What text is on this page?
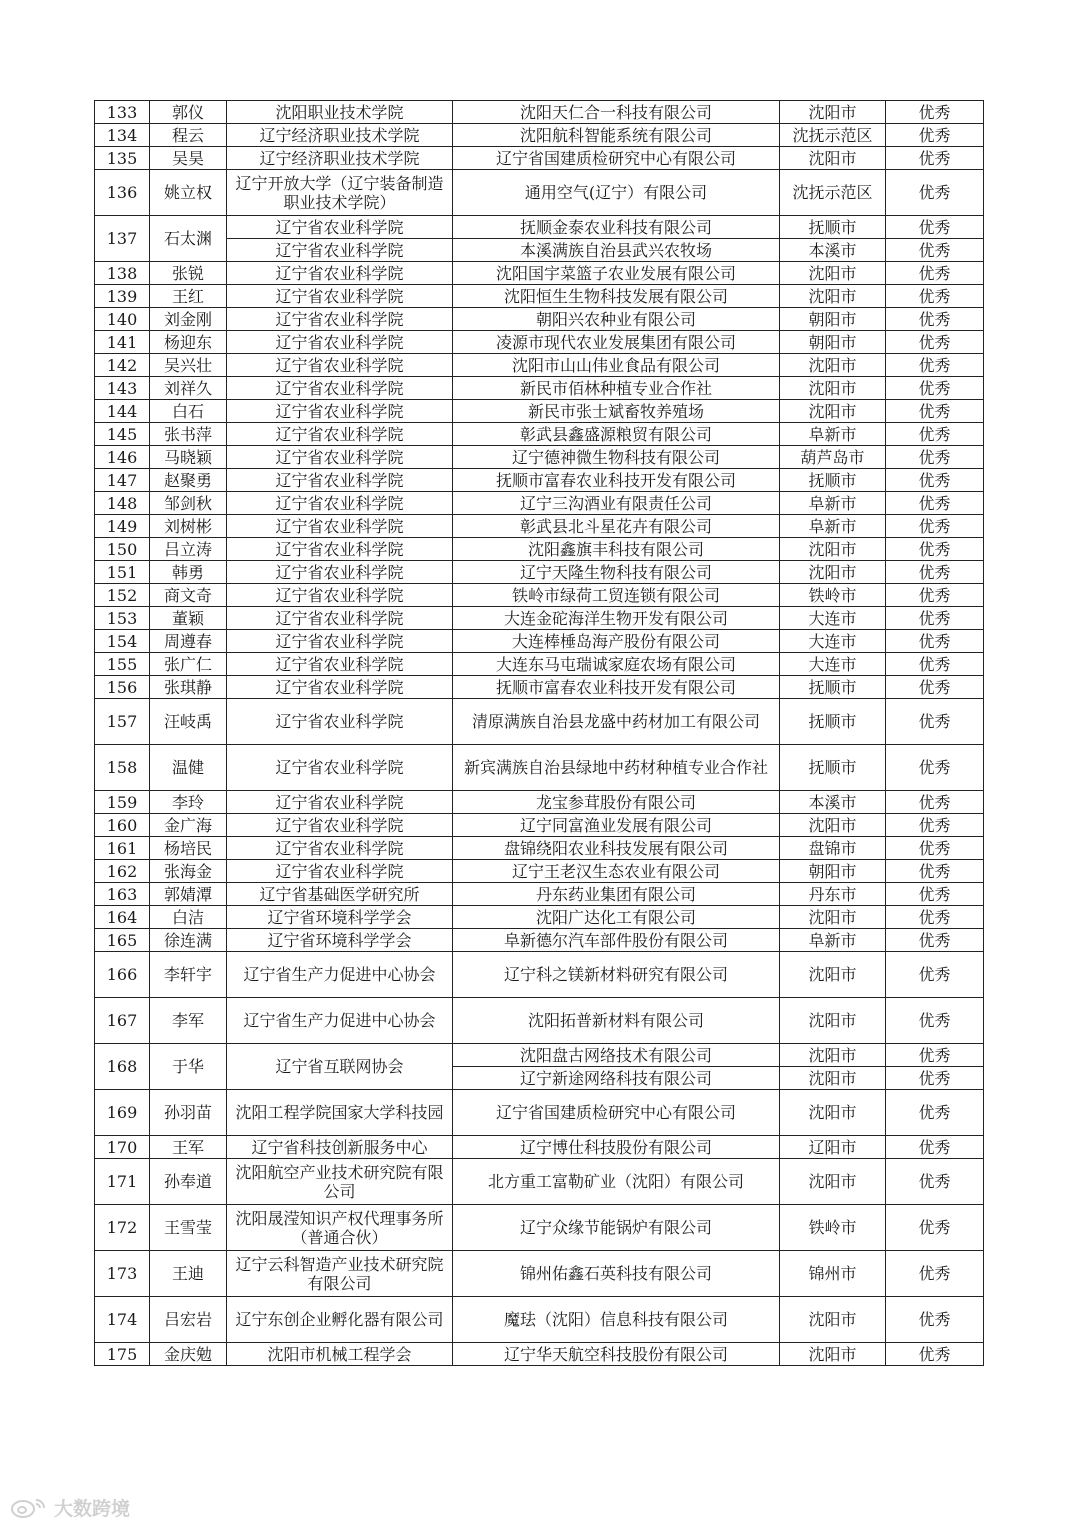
133	郭仪	沈阳职业技术学院	沈阳天仁合一科技有限公司	沈阳市	优秀
134	程云	辽宁经济职业技术学院	沈阳航科智能系统有限公司	沈抚示范区	优秀
135	吴昊	辽宁经济职业技术学院	辽宁省国建质检研究中心有限公司	沈阳市	优秀
136	姚立权	辽宁开放大学（辽宁装备制造职业技术学院）	通用空气(辽宁）有限公司	沈抚示范区	优秀
137	石太渊	辽宁省农业科学院	抚顺金泰农业科技有限公司	抚顺市	优秀
		辽宁省农业科学院	本溪满族自治县武兴农牧场	本溪市	优秀
138	张锐	辽宁省农业科学院	沈阳国宇菜篮子农业发展有限公司	沈阳市	优秀
139	王红	辽宁省农业科学院	沈阳恒生生物科技发展有限公司	沈阳市	优秀
140	刘金刚	辽宁省农业科学院	朝阳兴农种业有限公司	朝阳市	优秀
141	杨迎东	辽宁省农业科学院	凌源市现代农业发展集团有限公司	朝阳市	优秀
142	吴兴壮	辽宁省农业科学院	沈阳市山山伟业食品有限公司	沈阳市	优秀
143	刘祥久	辽宁省农业科学院	新民市佰林种植专业合作社	沈阳市	优秀
144	白石	辽宁省农业科学院	新民市张士斌畜牧养殖场	沈阳市	优秀
145	张书萍	辽宁省农业科学院	彰武县鑫盛源粮贸有限公司	阜新市	优秀
146	马晓颖	辽宁省农业科学院	辽宁德神微生物科技有限公司	葫芦岛市	优秀
147	赵聚勇	辽宁省农业科学院	抚顺市富春农业科技开发有限公司	抚顺市	优秀
148	邹剑秋	辽宁省农业科学院	辽宁三沟酒业有限责任公司	阜新市	优秀
149	刘树彬	辽宁省农业科学院	彰武县北斗星花卉有限公司	阜新市	优秀
150	吕立涛	辽宁省农业科学院	沈阳鑫旗丰科技有限公司	沈阳市	优秀
151	韩勇	辽宁省农业科学院	辽宁天隆生物科技有限公司	沈阳市	优秀
152	商文奇	辽宁省农业科学院	铁岭市绿荷工贸连锁有限公司	铁岭市	优秀
153	董颖	辽宁省农业科学院	大连金砣海洋生物开发有限公司	大连市	优秀
154	周遵春	辽宁省农业科学院	大连棒棰岛海产股份有限公司	大连市	优秀
155	张广仁	辽宁省农业科学院	大连东马屯瑞诚家庭农场有限公司	大连市	优秀
156	张琪静	辽宁省农业科学院	抚顺市富春农业科技开发有限公司	抚顺市	优秀
157	汪岐禹	辽宁省农业科学院	清原满族自治县龙盛中药材加工有限公司	抚顺市	优秀
158	温健	辽宁省农业科学院	新宾满族自治县绿地中药材种植专业合作社	抚顺市	优秀
159	李玲	辽宁省农业科学院	龙宝参茸股份有限公司	本溪市	优秀
160	金广海	辽宁省农业科学院	辽宁同富渔业发展有限公司	沈阳市	优秀
161	杨培民	辽宁省农业科学院	盘锦绕阳农业科技发展有限公司	盘锦市	优秀
162	张海金	辽宁省农业科学院	辽宁王老汉生态农业有限公司	朝阳市	优秀
163	郭婧潭	辽宁省基础医学研究所	丹东药业集团有限公司	丹东市	优秀
164	白洁	辽宁省环境科学学会	沈阳广达化工有限公司	沈阳市	优秀
165	徐连满	辽宁省环境科学学会	阜新德尔汽车部件股份有限公司	阜新市	优秀
166	李轩宇	辽宁省生产力促进中心协会	辽宁科之镁新材料研究有限公司	沈阳市	优秀
167	李军	辽宁省生产力促进中心协会	沈阳拓普新材料有限公司	沈阳市	优秀
168	于华	辽宁省互联网协会	沈阳盘古网络技术有限公司	沈阳市	优秀
			辽宁新途网络科技有限公司	沈阳市	优秀
169	孙羽苗	沈阳工程学院国家大学科技园	辽宁省国建质检研究中心有限公司	沈阳市	优秀
170	王军	辽宁省科技创新服务中心	辽宁博仕科技股份有限公司	辽阳市	优秀
171	孙奉道	沈阳航空产业技术研究院有限公司	北方重工富勒矿业（沈阳）有限公司	沈阳市	优秀
172	王雪莹	沈阳晟滢知识产权代理事务所（普通合伙）	辽宁众缘节能锅炉有限公司	铁岭市	优秀
173	王迪	辽宁云科智造产业技术研究院有限公司	锦州佑鑫石英科技有限公司	锦州市	优秀
174	吕宏岩	辽宁东创企业孵化器有限公司	魔珐（沈阳）信息科技有限公司	沈阳市	优秀
175	金庆勉	沈阳市机械工程学会	辽宁华天航空科技股份有限公司	沈阳市	优秀
大数跨境
